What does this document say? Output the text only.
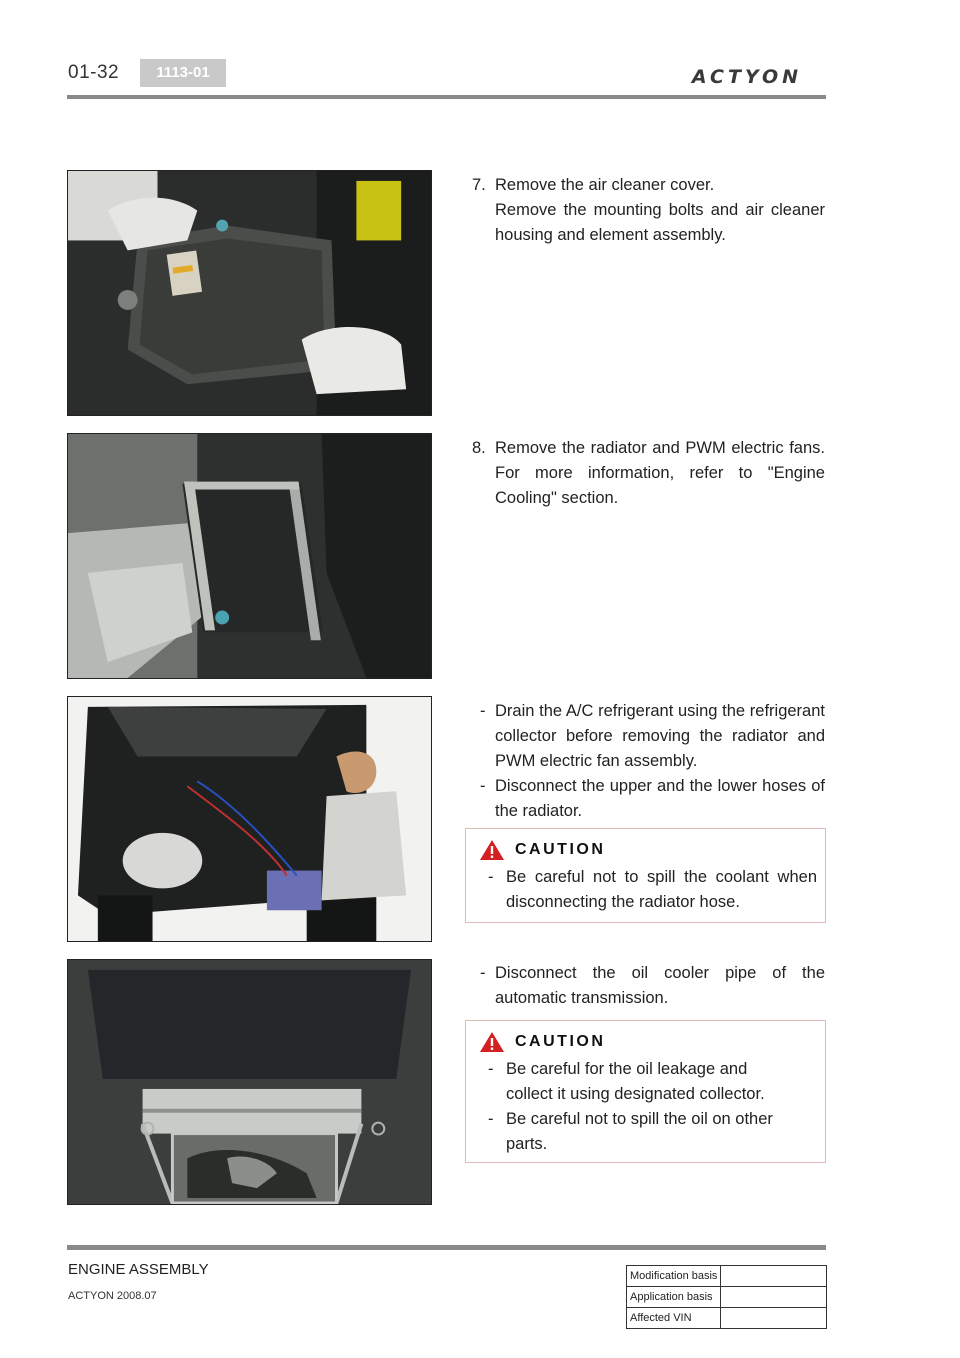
01-32	1113-01	ACTYON
7. Remove the air cleaner cover.
Remove the mounting bolts and air cleaner housing and element assembly.
8. Remove the radiator and PWM electric fans. For more information, refer to "Engine Cooling" section.
- Drain the A/C refrigerant using the refrigerant collector before removing the radiator and PWM electric fan assembly.
- Disconnect the upper and the lower hoses of the radiator.
CAUTION
- Be careful not to spill the coolant when disconnecting the radiator hose.
- Disconnect the oil cooler pipe of the automatic transmission.
CAUTION
- Be careful for the oil leakage and collect it using designated collector.
- Be careful not to spill the oil on other parts.
ENGINE ASSEMBLY
ACTYON 2008.07
Modification basis	
Application basis	
Affected VIN	
